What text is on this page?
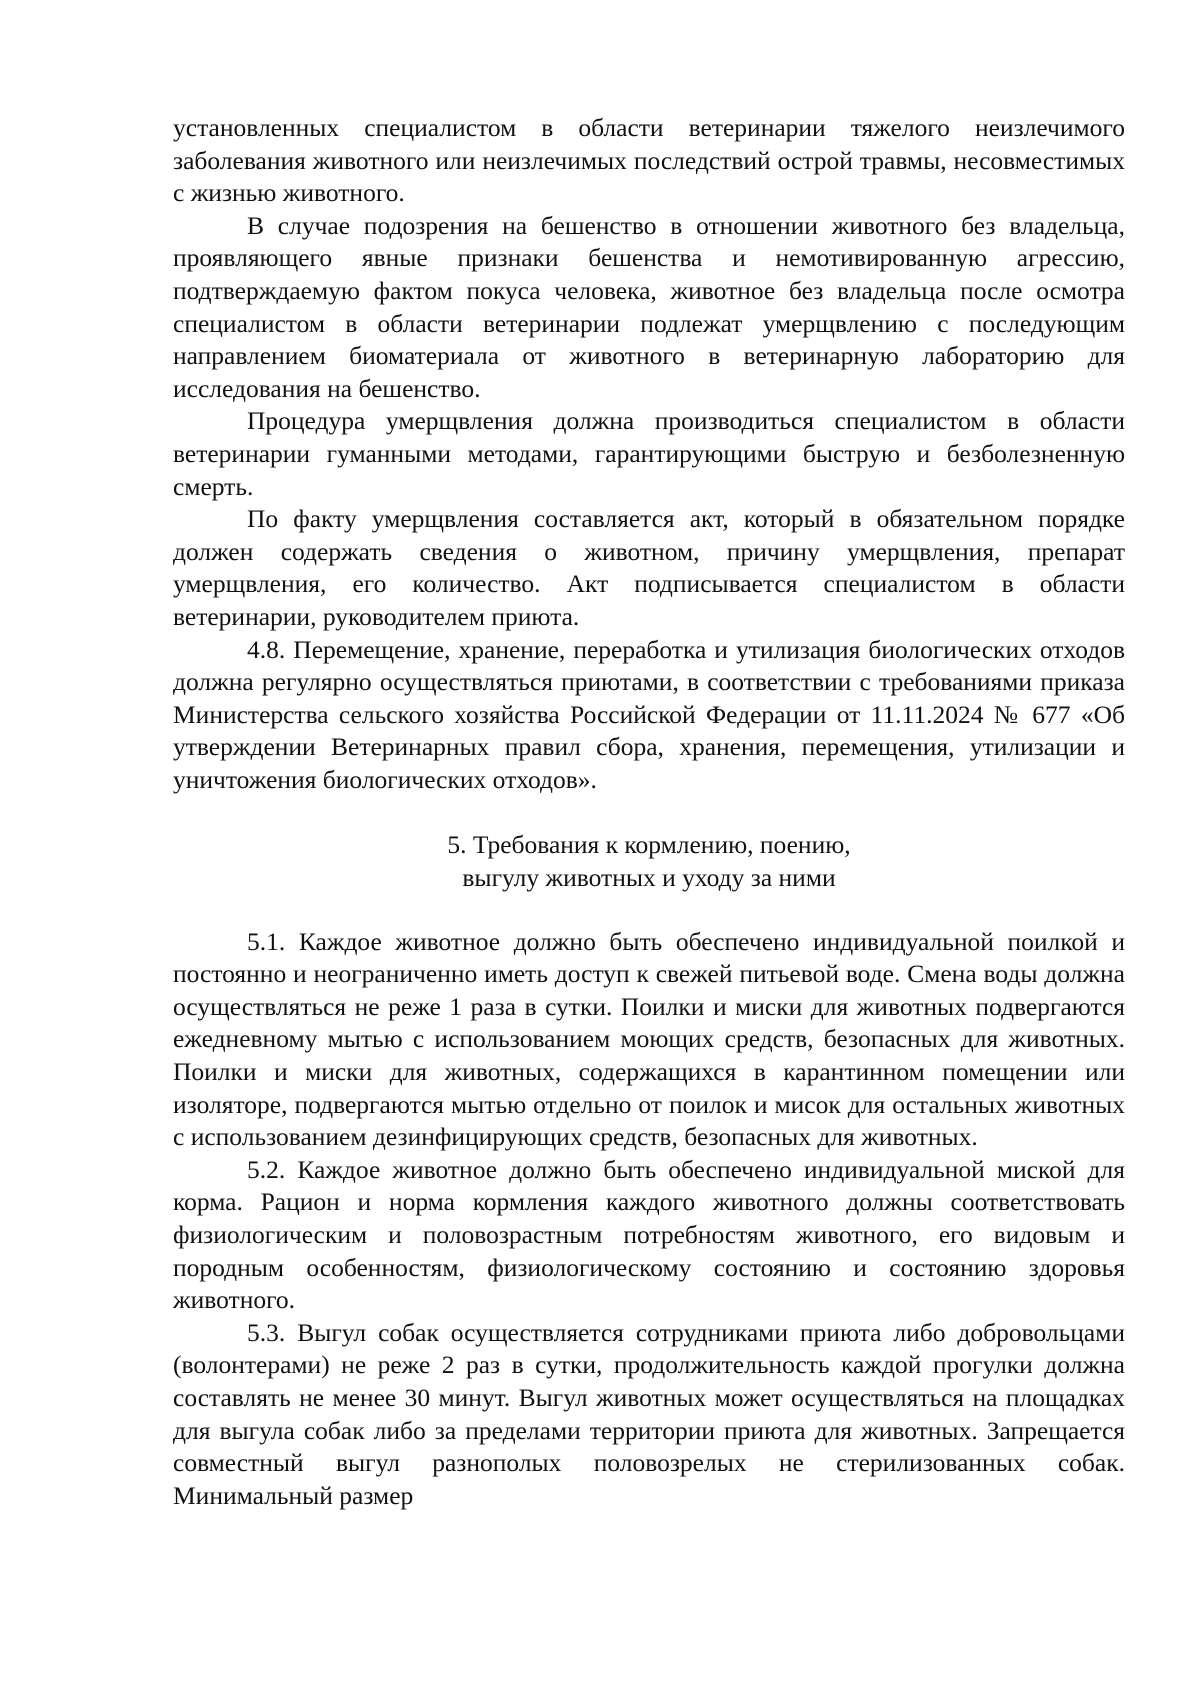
установленных специалистом в области ветеринарии тяжелого неизлечимого заболевания животного или неизлечимых последствий острой травмы, несовместимых с жизнью животного.

В случае подозрения на бешенство в отношении животного без владельца, проявляющего явные признаки бешенства и немотивированную агрессию, подтверждаемую фактом покуса человека, животное без владельца после осмотра специалистом в области ветеринарии подлежат умерщвлению с последующим направлением биоматериала от животного в ветеринарную лабораторию для исследования на бешенство.

Процедура умерщвления должна производиться специалистом в области ветеринарии гуманными методами, гарантирующими быструю и безболезненную смерть.

По факту умерщвления составляется акт, который в обязательном порядке должен содержать сведения о животном, причину умерщвления, препарат умерщвления, его количество. Акт подписывается специалистом в области ветеринарии, руководителем приюта.

4.8. Перемещение, хранение, переработка и утилизация биологических отходов должна регулярно осуществляться приютами, в соответствии с требованиями приказа Министерства сельского хозяйства Российской Федерации от 11.11.2024 № 677 «Об утверждении Ветеринарных правил сбора, хранения, перемещения, утилизации и уничтожения биологических отходов».

5. Требования к кормлению, поению,
выгулу животных и уходу за ними

5.1. Каждое животное должно быть обеспечено индивидуальной поилкой и постоянно и неограниченно иметь доступ к свежей питьевой воде. Смена воды должна осуществляться не реже 1 раза в сутки. Поилки и миски для животных подвергаются ежедневному мытью с использованием моющих средств, безопасных для животных. Поилки и миски для животных, содержащихся в карантинном помещении или изоляторе, подвергаются мытью отдельно от поилок и мисок для остальных животных с использованием дезинфицирующих средств, безопасных для животных.

5.2. Каждое животное должно быть обеспечено индивидуальной миской для корма. Рацион и норма кормления каждого животного должны соответствовать физиологическим и половозрастным потребностям животного, его видовым и породным особенностям, физиологическому состоянию и состоянию здоровья животного.

5.3. Выгул собак осуществляется сотрудниками приюта либо добровольцами (волонтерами) не реже 2 раз в сутки, продолжительность каждой прогулки должна составлять не менее 30 минут. Выгул животных может осуществляться на площадках для выгула собак либо за пределами территории приюта для животных. Запрещается совместный выгул разнополых половозрелых не стерилизованных собак. Минимальный размер
